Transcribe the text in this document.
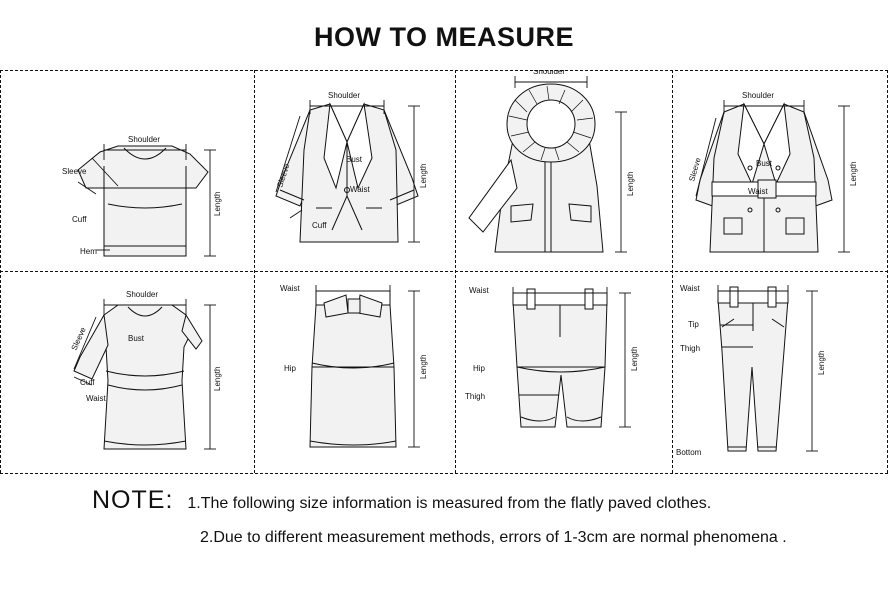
HOW TO MEASURE
Shoulder
Sleeve
Cuff
Hem
Length
Shoulder
Sleeve
Bust
Waist
Cuff
Length
Shoulder
Length
Shoulder
Sleeve	Bust
Waist
Length
Shoulder
Sleeve	Bust
Cuff
Waist
Length
Waist
Hip	Length
Waist
Hip
Thigh
Length
Waist
Tip
Thigh
Bottom
Length
NOTE: 1.The following size information is measured from the flatly paved clothes.
2.Due to different measurement methods, errors of 1-3cm are normal phenomena .
